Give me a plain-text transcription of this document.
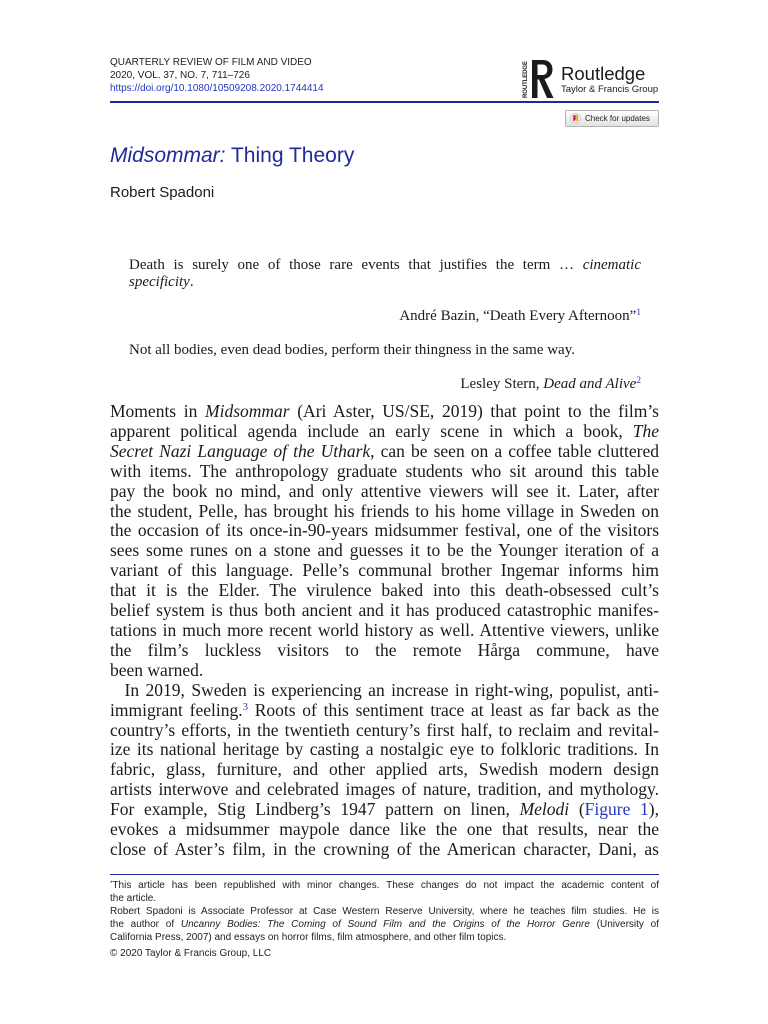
QUARTERLY REVIEW OF FILM AND VIDEO
2020, VOL. 37, NO. 7, 711–726
https://doi.org/10.1080/10509208.2020.1744414
ROUTLEDGE Routledge
Taylor & Francis Group
Check for updates
Midsommar: Thing Theory
Robert Spadoni
Death is surely one of those rare events that justifies the term … cinematic
specificity.
André Bazin, “Death Every Afternoon”$^1$
Not all bodies, even dead bodies, perform their thingness in the same way.
Lesley Stern, Dead and Alive$^2$
Moments in Midsommar (Ari Aster, US/SE, 2019) that point to the film’s
apparent political agenda include an early scene in which a book, The
Secret Nazi Language of the Uthark, can be seen on a coffee table cluttered
with items. The anthropology graduate students who sit around this table
pay the book no mind, and only attentive viewers will see it. Later, after
the student, Pelle, has brought his friends to his home village in Sweden on
the occasion of its once-in-90-years midsummer festival, one of the visitors
sees some runes on a stone and guesses it to be the Younger iteration of a
variant of this language. Pelle’s communal brother Ingemar informs him
that it is the Elder. The virulence baked into this death-obsessed cult’s
belief system is thus both ancient and it has produced catastrophic manifes-
tations in much more recent world history as well. Attentive viewers, unlike
the film’s luckless visitors to the remote Hårga commune, have
been warned.
In 2019, Sweden is experiencing an increase in right-wing, populist, anti-
immigrant feeling.$^3$ Roots of this sentiment trace at least as far back as the
country’s efforts, in the twentieth century’s first half, to reclaim and revital-
ize its national heritage by casting a nostalgic eye to folkloric traditions. In
fabric, glass, furniture, and other applied arts, Swedish modern design
artists interwove and celebrated images of nature, tradition, and mythology.
For example, Stig Lindberg’s 1947 pattern on linen, Melodi (Figure 1),
evokes a midsummer maypole dance like the one that results, near the
close of Aster’s film, in the crowning of the American character, Dani, as
*This article has been republished with minor changes. These changes do not impact the academic content of
the article.
Robert Spadoni is Associate Professor at Case Western Reserve University, where he teaches film studies. He is
the author of Uncanny Bodies: The Coming of Sound Film and the Origins of the Horror Genre (University of
California Press, 2007) and essays on horror films, film atmosphere, and other film topics.
© 2020 Taylor & Francis Group, LLC
